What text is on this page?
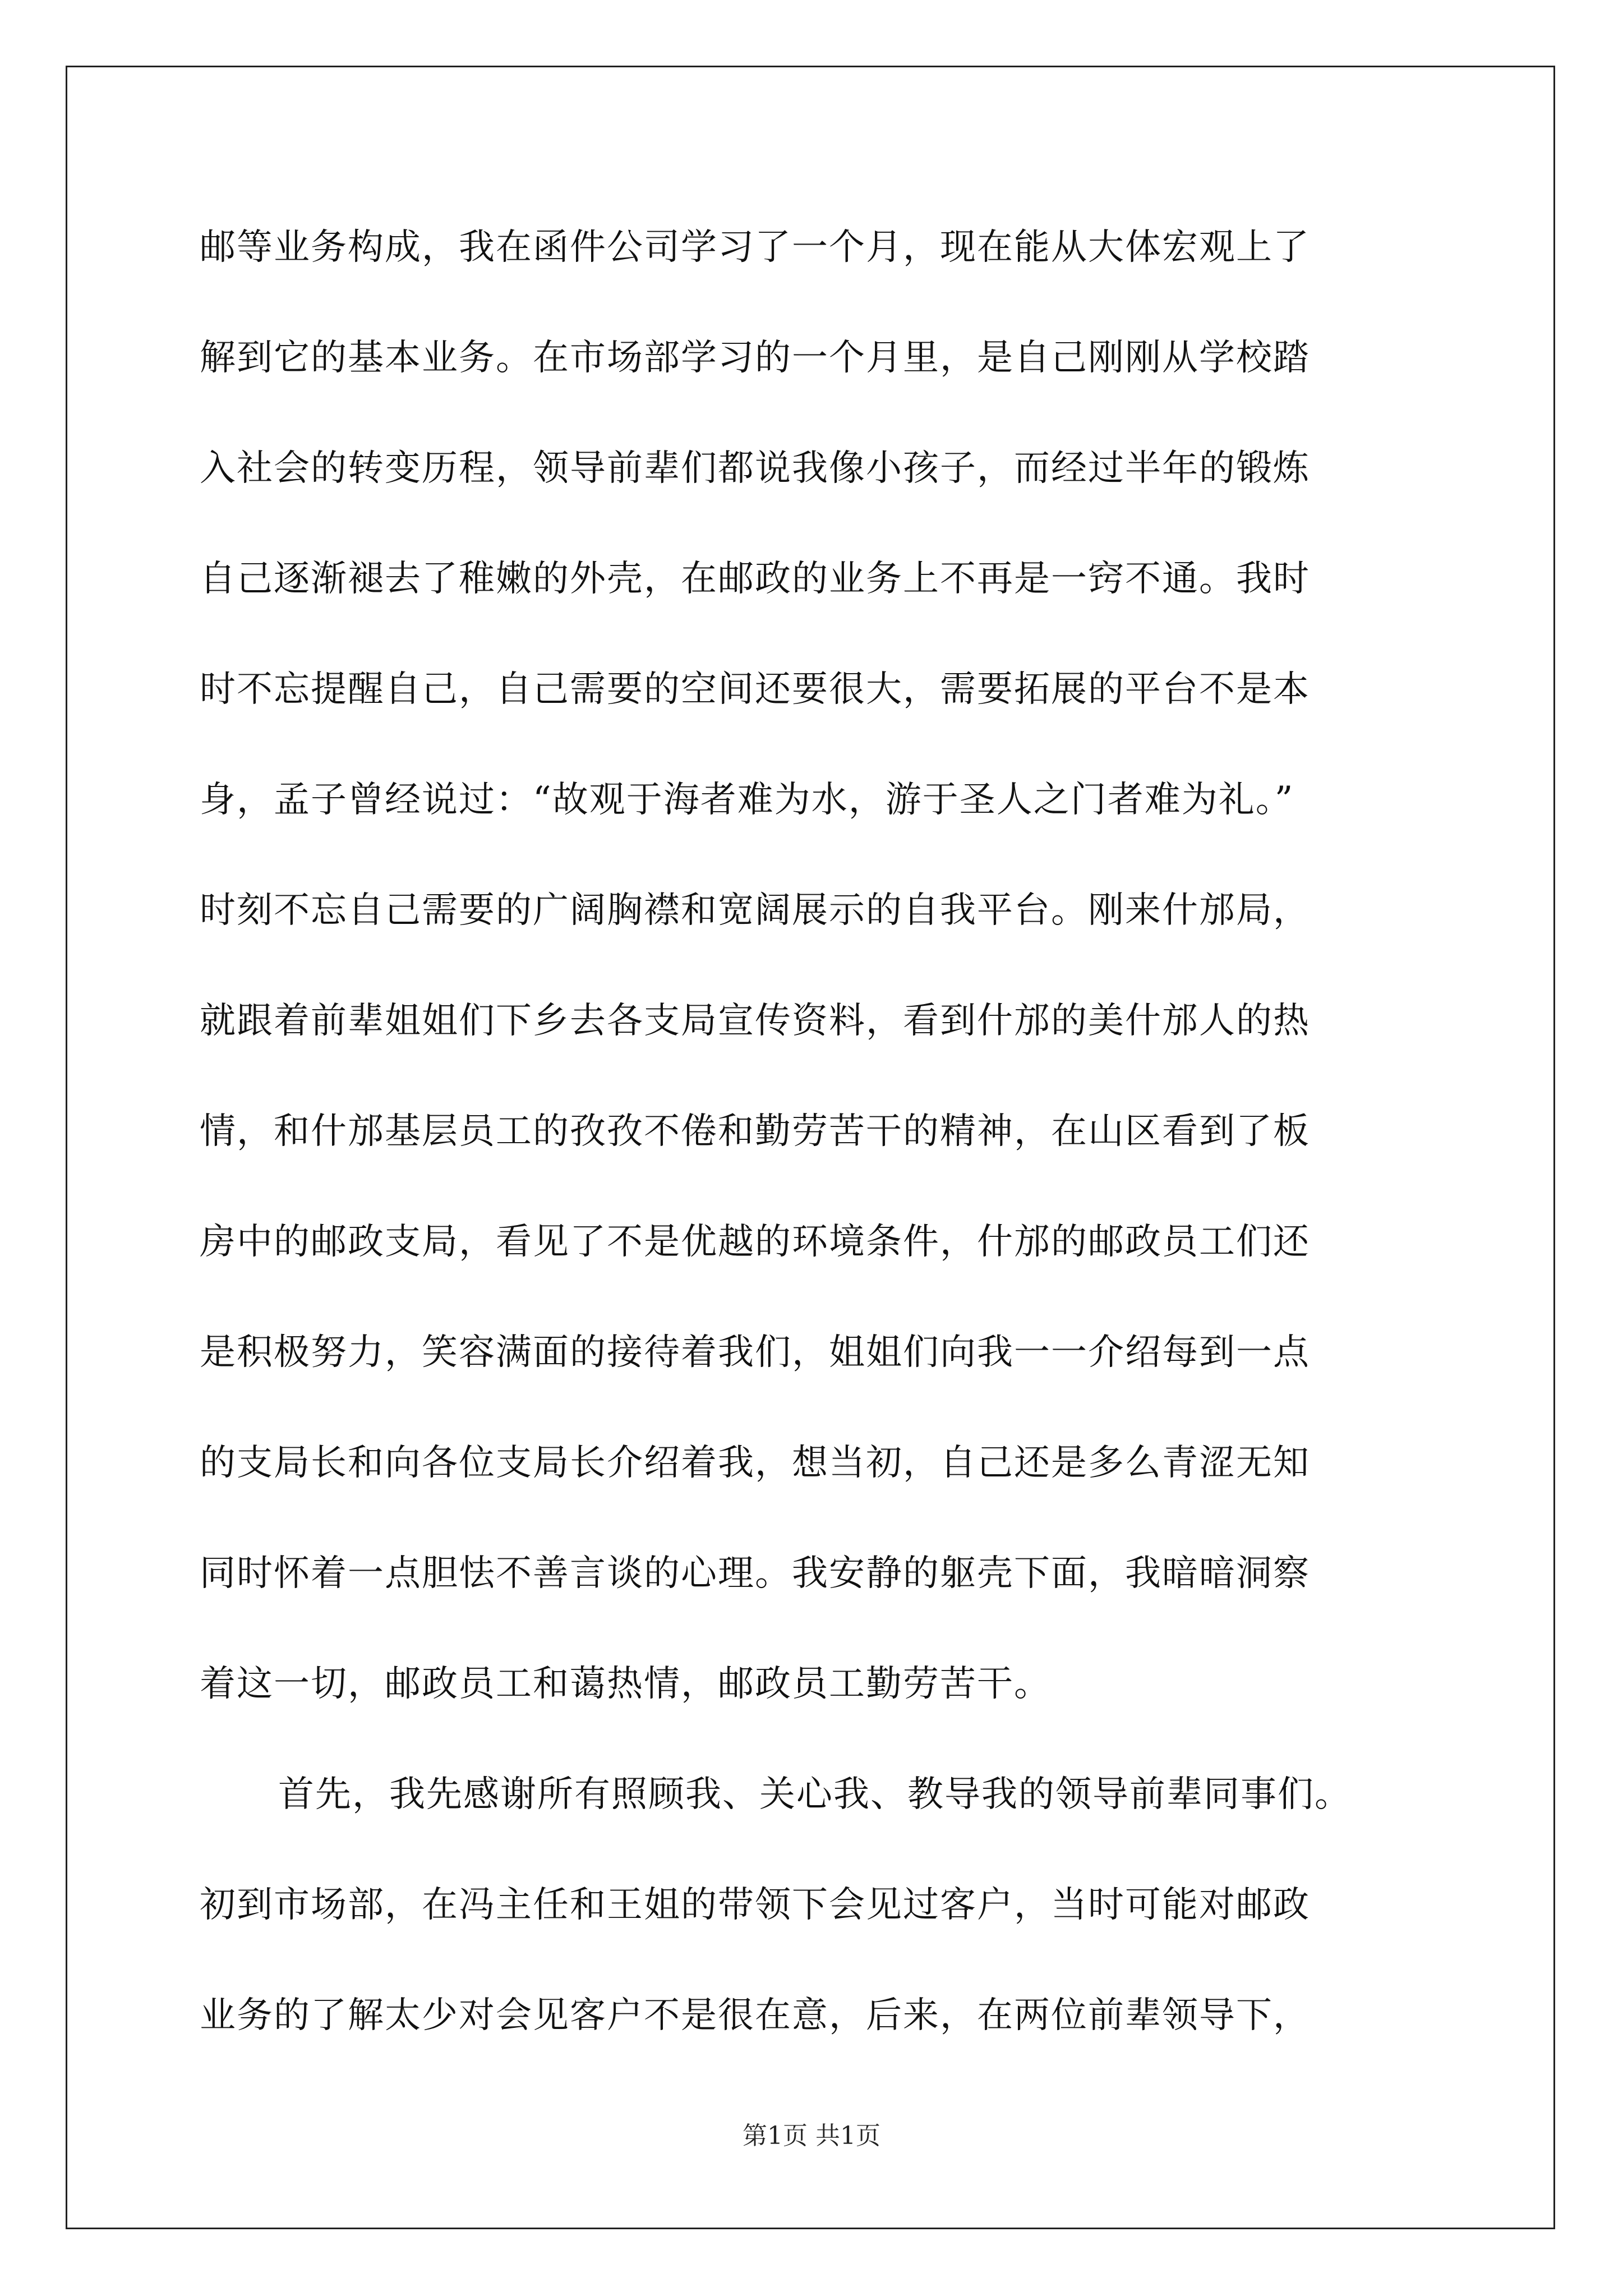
邮等业务构成，我在函件公司学习了一个月，现在能从大体宏观上了
解到它的基本业务。在市场部学习的一个月里，是自己刚刚从学校踏
入社会的转变历程，领导前辈们都说我像小孩子，而经过半年的锻炼
自己逐渐褪去了稚嫩的外壳，在邮政的业务上不再是一窍不通。我时
时不忘提醒自己，自己需要的空间还要很大，需要拓展的平台不是本
身，孟子曾经说过：“故观于海者难为水，游于圣人之门者难为礼。”
时刻不忘自己需要的广阔胸襟和宽阔展示的自我平台。刚来什邡局，
就跟着前辈姐姐们下乡去各支局宣传资料，看到什邡的美什邡人的热
情，和什邡基层员工的孜孜不倦和勤劳苦干的精神，在山区看到了板
房中的邮政支局，看见了不是优越的环境条件，什邡的邮政员工们还
是积极努力，笑容满面的接待着我们，姐姐们向我一一介绍每到一点
的支局长和向各位支局长介绍着我，想当初，自己还是多么青涩无知
同时怀着一点胆怯不善言谈的心理。我安静的躯壳下面，我暗暗洞察
着这一切，邮政员工和蔼热情，邮政员工勤劳苦干。
首先，我先感谢所有照顾我、关心我、教导我的领导前辈同事们。
初到市场部，在冯主任和王姐的带领下会见过客户，当时可能对邮政
业务的了解太少对会见客户不是很在意，后来，在两位前辈领导下，
第1页 共1页
